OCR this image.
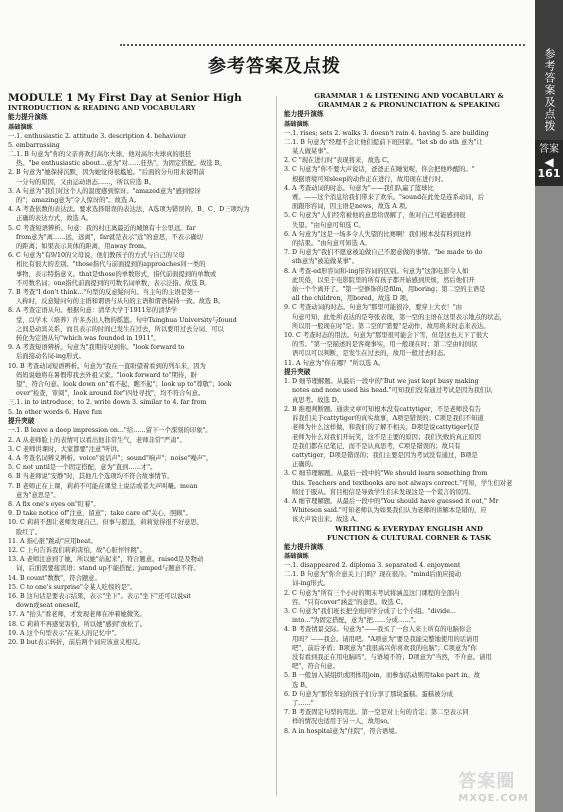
参考答案及点拨
答案
◀
161
参考答案及点拨
MODULE 1 My First Day at Senior High
INTRODUCTION & READING AND VOCABULARY
能力提升演练
基础演练
一.1. enthusiastic 2. attitude 3. description 4. behaviour
5. embarrassing
二.1. B 句意为"你的父亲喜欢打高尔夫球，他对高尔夫球真的很狂
热。"be enthusiastic about...意为"对……狂热"，为固定搭配。故选 B。
2. B 句意为"她保持沉默，因为她觉得很尴尬。"后面的分句用来说明前
一分句的原因，又由运动语态……，所以应选 B。
3. A 句意为"我们对这个人的温度感到惊讶。"amazed意为"感到惊讶
的"；amazing意为"令人惊讶的"。故选 A。
4. A 考查依数的表达法。要求选择错误的表达法，A选项为错误的，B、C、D三项均为
正确的表达方式，故选 A。
5. C 考查短语辨析。句意：我的村庄离最近的城镇有十公里远。far
from意为"离……远，远离"，far就是表示"远"的意思，不表示确切
的距离；如果表示具体的距离，用away from。
6. C 句意为"有9/10的父母说，他们教孩子的方式与自己的父母
相比有很大的差别。"those指代与前面提到的approaches同一类的
事物，表示特指意义。that是those的单数形式，指代前面提到的单数或
不可数名词；one指代前面提到的可数名词单数，表示泛指。故选 B。
7. B 考查"I don't think..."句型的反意疑问句。当主句的主语是第一
人称时，反意疑问句的主语和谓语与从句的主语和谓语保持一致。故选 B。
8. A 考查定语从句。根据句意：清华大学于1911年的清华学
堂，以学术（培养）许多杰出人物的摇篮。句中Tsinghua University与found
之间是动宾关系，而且表示的时间已发生在过去，所以要用过去分词，可以
转化为定语从句"which was founded in 1911"。
9. A 考查短语辨析。句意为"我期待见到你。"look forward to
后面接动名词-ing形式。
10. B 考查动词短语辨析。句意为"我在一直盼望着看到的列车来，因为
妈妈说她将在暑假带我去外祖父家。"look forward to"期待，盼
望"，符合句意。look down on"看不起，瞧不起"；look up to"尊敬"；look
over"检查，审阅"，look around for"四处寻找"，均不符合句意。
三.1. in to introduce；to 2. write down 3. similar to 4. far from
5. In other words 6. Have fun
提升突破
一.1. B leave a deep impression on..."给……留下一个深刻的印象"。
2. A 从老师脸上的表情可以看出他非常生气，老师非常"严肃"。
3. C 老师讲课时，大家都要"注意"听讲。
4. A 考查名词辨义辨析。voice"说话声"；sound"响声"；noise"噪声"。
5. C not until是一个固定搭配，意为"直到……才"。
6. B 当老师说"安静"时，其他几个选项均不符合故事情节。
7. B 老师正在上课，莉莉不可能在课堂上说话或者大声叫嚷。mean
意为"意思是"。
8. A fix one's eyes on"盯着"。
9. D take notice of"注意，留意"；take care of"关心，照顾"。
10. C 莉莉不想让老师发现自己，但事与愿违，莉莉觉得很不好意思，
脸红了。
11. A 指心脏"跳动"应用beat。
12. C 上句告诉我们莉莉害怕，故"心脏怦怦跳"。
13. A 老师注意到了她，所以她"站起来"，符合题意。raised是及物动
词，后面需要接宾语；stand up不能搭配；jumped与题意不符。
14. B count"数数"，符合题意。
15. C to one's surprise"令某人吃惊的是"。
16. B 这句话是要表示结果，表示"坐下"。表示"坐下"还可以说sit
down或seat oneself。
17. A "抬头"看老师，才发现老师在冲着她微笑。
18. C 莉莉不再感觉害怕，所以她"感到"放松了。
19. A 这个句型表示"在某人的记忆中"。
20. B but表示转折，前后两个词应该意义相反。
GRAMMAR 1 & LISTENING AND VOCABULARY &
GRAMMAR 2 & PRONUNCIATION & SPEAKING
能力提升演练
基础演练
一.1. rises; sets 2. walks 3. doesn't rain 4. having 5. are building
二.1. B 句意为"经理不会让他们提前下班回家。"let sb do sth 意为"让
某人做某事"。
2. C "现在进行时"表现将来，故选 C。
3. C 句意为"你不要大声说话，爸爸正在睡觉呢，你会把他吵醒的。"
根据语境可知sleep的动作正在进行，故用现在进行时。
4. A 考查动词的时态。句意为"——我们队赢了篮球比
赛。——这个消息给我们带来了欢乐。"sound在此处是连系动词，后
面跟形容词，因主语是news，故选 A 项。
5. C 句意为"人们经常被他的意思给误解了，他对自己可能感到很
失望。"由句意可知选 C。
6. A 句意为"这是一场多令人失望的比赛啊！我们根本没有料到这样
的结果。"由句意可知选 A。
7. D 句意为"我们不愿意被迫做自己不愿意做的事情。"be made to do
sth意为"被迫做某事"。
8. A 考查-ed形容词和-ing形容词的区别。句意为"这部电影令人如
此厌倦，以至于电影院里的所有孩子都开始感到厌烦，然后他们开
始一个个离开了。"第一空修饰的是film，用boring；第二空的主语是
all the children，用bored。故选 D 项。
9. C 考查动词的时态。句意为"那里可能很冷，要穿上大衣！"由
句意可知，此处所表达的是夸张表现，第一空的主语在这里表示地点的状态，
所以用一般现在时"是；第二空的"需要"是动作，故用将来时态来表达。
10. C 考查时态的用法。句意为"那里很可能会下雪，但是这也天下了很大
的雪。"第一空描述的是客观事实，用一般现在时；第二空由时间状
语可以可以判断，是发生在过去的，故用一般过去时态。
11. A 句意为"你在哪？"所以选 A。
提升突破
1. D 细节理解题。从最后一段中的"But we just kept busy making
notes and none used his head."可知我们没有通过考试是因为我们认
真思考。故选 D。
2. B 推理判断题。通读文章可知根本没有cattytiger，不是老师没有告
诉我们关于cattytiger的真实故事，A项是错误的；C项是我们不知道
老师为什么这样做，和我们的了解不相关；D项是说cattytiger仅是
老师为什么对我们开玩笑，这不是主要的原因；我们失败的真正原因
是我们都在记笔记，而不是认真思考，C项是错误的；故只有
cattytiger，D项是错误的；我们主要是因为考试没有通过，B项是
正确的。
3. C 细节理解题。从最后一段中的"We should learn something from
this. Teachers and textbooks are not always correct."可知，学生们对老
师过于服从。盲目相信是导致学生们未发现这是一个谎言的原因。
4. A 细节理解题。从最后一段中的"You should have guessed it out," Mr
Whiteson said."可知老师认为如果我们认为老师的讲解本是错的，应
该大声说出来。故选 A。
WRITING & EVERYDAY ENGLISH AND
FUNCTION & CULTURAL CORNER & TASK
能力提升演练
基础演练
一.1. disappeared 2. diploma 3. separated 4. enjoyment
二.1. B 句意为"你介意关上门吗？现在很冷。"mind后面应接动
词-ing形式。
2. C 句意为"所有三个小时的期末考试将涵盖这门课程的全部内
容。"只有cover"涵盖"的意思。故选 C。
3. C 句意为"我们班长把全班同学分成了七个小组。"divide...
into..."为固定搭配，意为"把……分成……"。
4. B 考查情景交际。句意为"——我买了一台人来上所有的电脑你会
用吗？——我会。请用吧。"A项意为"要是我能完整地使用的话请用
吧"，前后矛盾；B项意为"我很高兴你喜欢我的电脑"；C项意为"你
没有看到我正在用电脑吗"，与语境不符；D项意为"当然，不介意。请用
吧"，符合句意。
5. B 一般加入某组织或团体用join，而参加活动则用take part in。故
选 B。
6. D 句意为"那位年轻的孩子们分享了那块蛋糕。蛋糕被分成
了……"
7. B 考查固定句型的用法。第一空是对上句的肯定；第二空表示同
样的情况也适用于另一人，故用so。
8. A in hospital意为"住院"，符合语境。
答案圈
MXQE.COM
